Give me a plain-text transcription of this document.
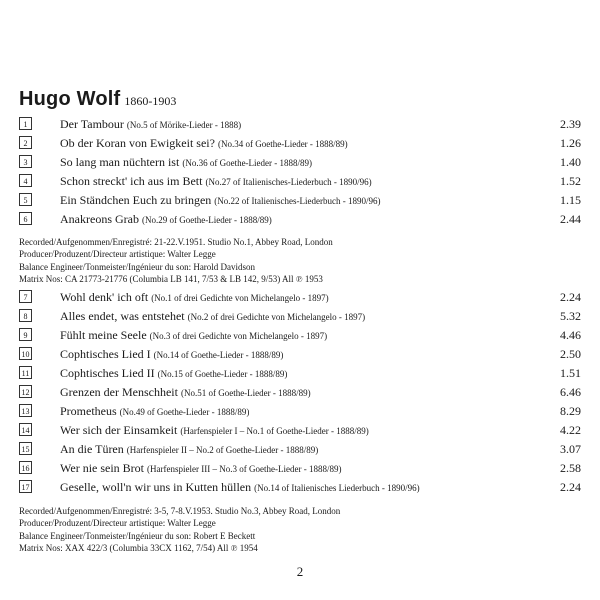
Hugo Wolf 1860-1903
1	Der Tambour (No.5 of Mörike-Lieder - 1888)	2.39
2	Ob der Koran von Ewigkeit sei? (No.34 of Goethe-Lieder - 1888/89)	1.26
3	So lang man nüchtern ist (No.36 of Goethe-Lieder - 1888/89)	1.40
4	Schon streckt' ich aus im Bett (No.27 of Italienisches-Liederbuch - 1890/96)	1.52
5	Ein Ständchen Euch zu bringen (No.22 of Italienisches-Liederbuch - 1890/96)	1.15
6	Anakreons Grab (No.29 of Goethe-Lieder - 1888/89)	2.44
Recorded/Aufgenommen/Enregistré: 21-22.V.1951. Studio No.1, Abbey Road, London
Producer/Produzent/Directeur artistique: Walter Legge
Balance Engineer/Tonmeister/Ingénieur du son: Harold Davidson
Matrix Nos: CA 21773-21776 (Columbia LB 141, 7/53 & LB 142, 9/53) All ℗ 1953
7	Wohl denk' ich oft (No.1 of drei Gedichte von Michelangelo - 1897)	2.24
8	Alles endet, was entstehet (No.2 of drei Gedichte von Michelangelo - 1897)	5.32
9	Fühlt meine Seele (No.3 of drei Gedichte von Michelangelo - 1897)	4.46
10	Cophtisches Lied I (No.14 of Goethe-Lieder - 1888/89)	2.50
11	Cophtisches Lied II (No.15 of Goethe-Lieder - 1888/89)	1.51
12	Grenzen der Menschheit (No.51 of Goethe-Lieder - 1888/89)	6.46
13	Prometheus (No.49 of Goethe-Lieder - 1888/89)	8.29
14	Wer sich der Einsamkeit (Harfenspieler I – No.1 of Goethe-Lieder - 1888/89)	4.22
15	An die Türen (Harfenspieler II – No.2 of Goethe-Lieder - 1888/89)	3.07
16	Wer nie sein Brot (Harfenspieler III – No.3 of Goethe-Lieder - 1888/89)	2.58
17	Geselle, woll'n wir uns in Kutten hüllen (No.14 of Italienisches Liederbuch - 1890/96)	2.24
Recorded/Aufgenommen/Enregistré: 3-5, 7-8.V.1953. Studio No.3, Abbey Road, London
Producer/Produzent/Directeur artistique: Walter Legge
Balance Engineer/Tonmeister/Ingénieur du son: Robert E Beckett
Matrix Nos: XAX 422/3 (Columbia 33CX 1162, 7/54) All ℗ 1954
2
